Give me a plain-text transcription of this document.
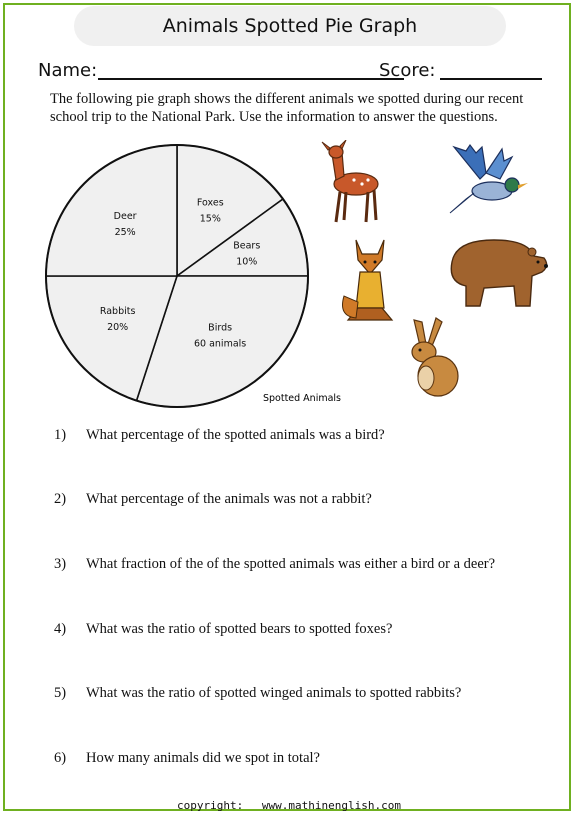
Animals Spotted Pie Graph
Name:	Score:
The following pie graph shows the different animals we spotted during our recent
school trip to the National Park. Use the information to answer the questions.
Foxes
15%
Bears
10%
Birds
60 animals
Rabbits
20%
Deer
25%
Spotted Animals
1) What percentage of the spotted animals was a bird?
2) What percentage of the animals was not a rabbit?
3) What fraction of the of the spotted animals was either a bird or a deer?
4) What was the ratio of spotted bears to spotted foxes?
5) What was the ratio of spotted winged animals to spotted rabbits?
6) How many animals did we spot in total?
copyright: www.mathinenglish.com
